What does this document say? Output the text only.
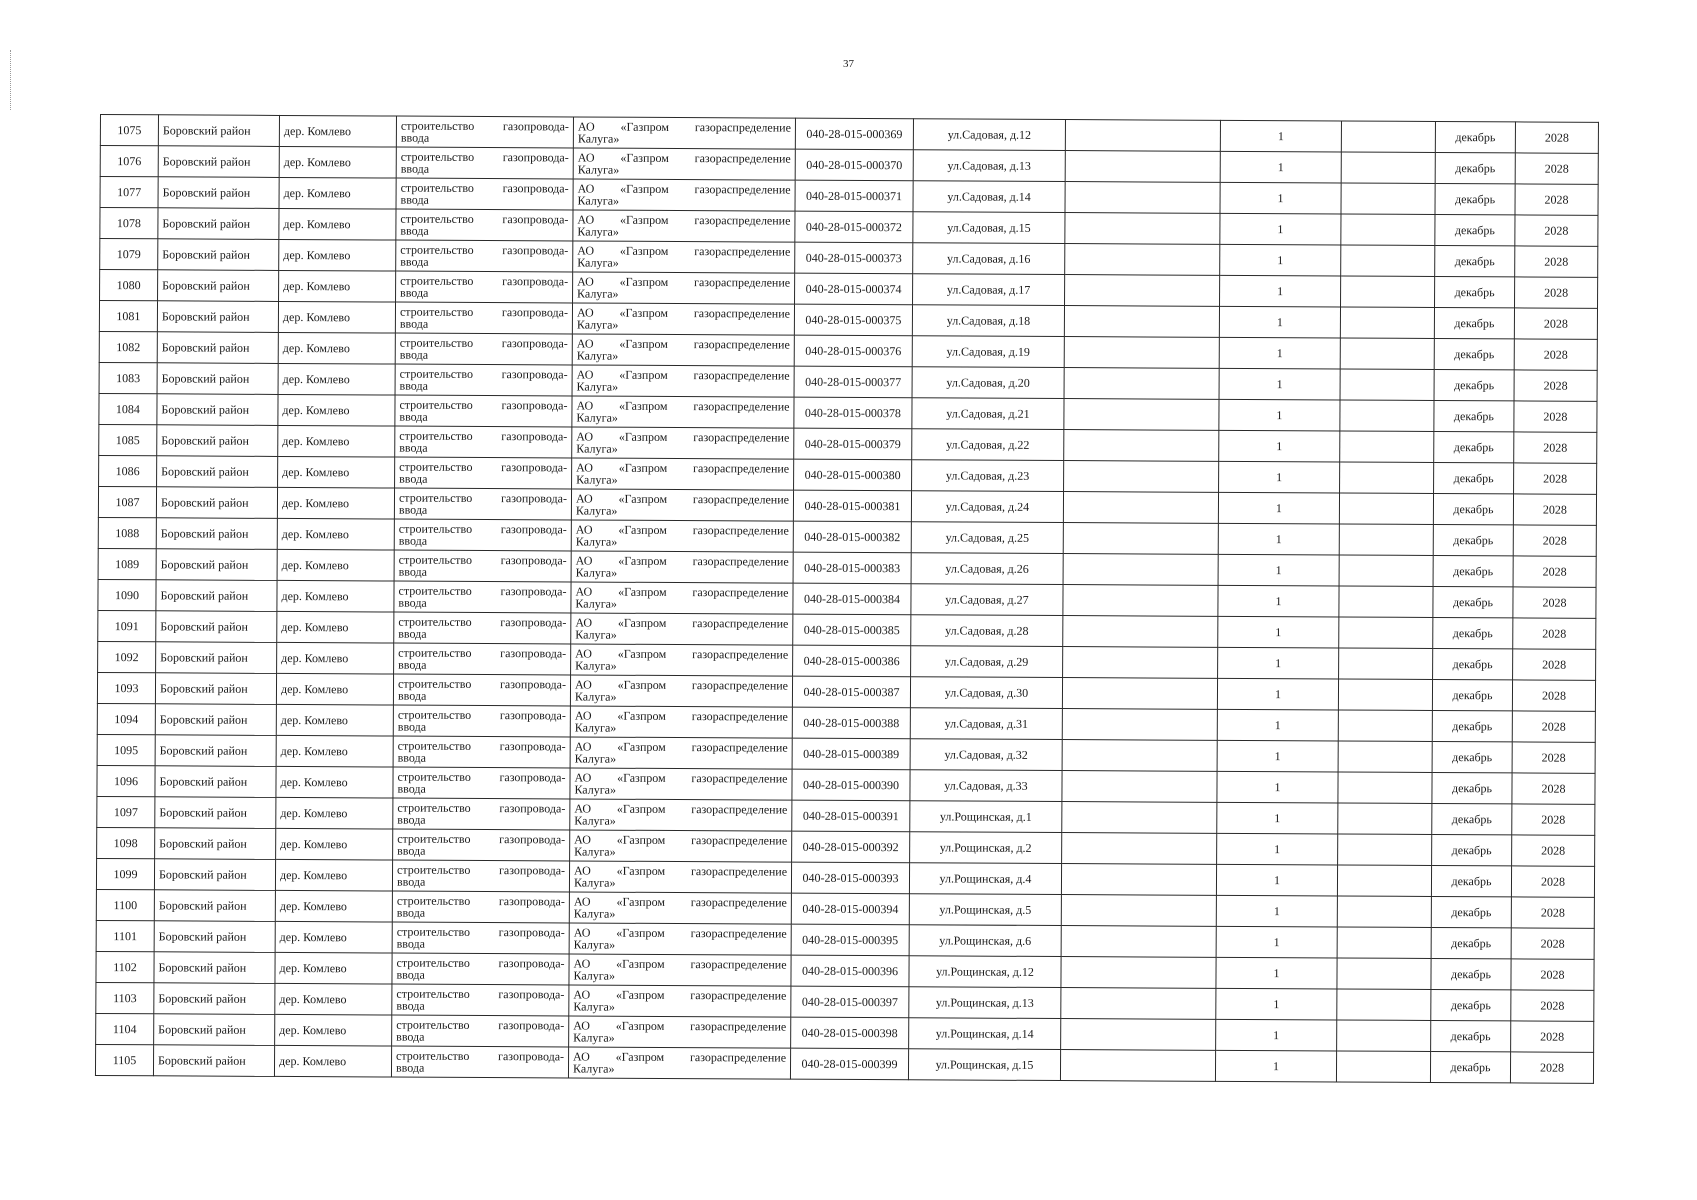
37
1075	Боровский район	дер. Комлево	строительство газопровода-
ввода	АО «Газпром газораспределение
Калуга»	040-28-015-000369	ул.Садовая, д.12		1		декабрь	2028
1076	Боровский район	дер. Комлево	строительство газопровода-
ввода	АО «Газпром газораспределение
Калуга»	040-28-015-000370	ул.Садовая, д.13		1		декабрь	2028
1077	Боровский район	дер. Комлево	строительство газопровода-
ввода	АО «Газпром газораспределение
Калуга»	040-28-015-000371	ул.Садовая, д.14		1		декабрь	2028
1078	Боровский район	дер. Комлево	строительство газопровода-
ввода	АО «Газпром газораспределение
Калуга»	040-28-015-000372	ул.Садовая, д.15		1		декабрь	2028
1079	Боровский район	дер. Комлево	строительство газопровода-
ввода	АО «Газпром газораспределение
Калуга»	040-28-015-000373	ул.Садовая, д.16		1		декабрь	2028
1080	Боровский район	дер. Комлево	строительство газопровода-
ввода	АО «Газпром газораспределение
Калуга»	040-28-015-000374	ул.Садовая, д.17		1		декабрь	2028
1081	Боровский район	дер. Комлево	строительство газопровода-
ввода	АО «Газпром газораспределение
Калуга»	040-28-015-000375	ул.Садовая, д.18		1		декабрь	2028
1082	Боровский район	дер. Комлево	строительство газопровода-
ввода	АО «Газпром газораспределение
Калуга»	040-28-015-000376	ул.Садовая, д.19		1		декабрь	2028
1083	Боровский район	дер. Комлево	строительство газопровода-
ввода	АО «Газпром газораспределение
Калуга»	040-28-015-000377	ул.Садовая, д.20		1		декабрь	2028
1084	Боровский район	дер. Комлево	строительство газопровода-
ввода	АО «Газпром газораспределение
Калуга»	040-28-015-000378	ул.Садовая, д.21		1		декабрь	2028
1085	Боровский район	дер. Комлево	строительство газопровода-
ввода	АО «Газпром газораспределение
Калуга»	040-28-015-000379	ул.Садовая, д.22		1		декабрь	2028
1086	Боровский район	дер. Комлево	строительство газопровода-
ввода	АО «Газпром газораспределение
Калуга»	040-28-015-000380	ул.Садовая, д.23		1		декабрь	2028
1087	Боровский район	дер. Комлево	строительство газопровода-
ввода	АО «Газпром газораспределение
Калуга»	040-28-015-000381	ул.Садовая, д.24		1		декабрь	2028
1088	Боровский район	дер. Комлево	строительство газопровода-
ввода	АО «Газпром газораспределение
Калуга»	040-28-015-000382	ул.Садовая, д.25		1		декабрь	2028
1089	Боровский район	дер. Комлево	строительство газопровода-
ввода	АО «Газпром газораспределение
Калуга»	040-28-015-000383	ул.Садовая, д.26		1		декабрь	2028
1090	Боровский район	дер. Комлево	строительство газопровода-
ввода	АО «Газпром газораспределение
Калуга»	040-28-015-000384	ул.Садовая, д.27		1		декабрь	2028
1091	Боровский район	дер. Комлево	строительство газопровода-
ввода	АО «Газпром газораспределение
Калуга»	040-28-015-000385	ул.Садовая, д.28		1		декабрь	2028
1092	Боровский район	дер. Комлево	строительство газопровода-
ввода	АО «Газпром газораспределение
Калуга»	040-28-015-000386	ул.Садовая, д.29		1		декабрь	2028
1093	Боровский район	дер. Комлево	строительство газопровода-
ввода	АО «Газпром газораспределение
Калуга»	040-28-015-000387	ул.Садовая, д.30		1		декабрь	2028
1094	Боровский район	дер. Комлево	строительство газопровода-
ввода	АО «Газпром газораспределение
Калуга»	040-28-015-000388	ул.Садовая, д.31		1		декабрь	2028
1095	Боровский район	дер. Комлево	строительство газопровода-
ввода	АО «Газпром газораспределение
Калуга»	040-28-015-000389	ул.Садовая, д.32		1		декабрь	2028
1096	Боровский район	дер. Комлево	строительство газопровода-
ввода	АО «Газпром газораспределение
Калуга»	040-28-015-000390	ул.Садовая, д.33		1		декабрь	2028
1097	Боровский район	дер. Комлево	строительство газопровода-
ввода	АО «Газпром газораспределение
Калуга»	040-28-015-000391	ул.Рощинская, д.1		1		декабрь	2028
1098	Боровский район	дер. Комлево	строительство газопровода-
ввода	АО «Газпром газораспределение
Калуга»	040-28-015-000392	ул.Рощинская, д.2		1		декабрь	2028
1099	Боровский район	дер. Комлево	строительство газопровода-
ввода	АО «Газпром газораспределение
Калуга»	040-28-015-000393	ул.Рощинская, д.4		1		декабрь	2028
1100	Боровский район	дер. Комлево	строительство газопровода-
ввода	АО «Газпром газораспределение
Калуга»	040-28-015-000394	ул.Рощинская, д.5		1		декабрь	2028
1101	Боровский район	дер. Комлево	строительство газопровода-
ввода	АО «Газпром газораспределение
Калуга»	040-28-015-000395	ул.Рощинская, д.6		1		декабрь	2028
1102	Боровский район	дер. Комлево	строительство газопровода-
ввода	АО «Газпром газораспределение
Калуга»	040-28-015-000396	ул.Рощинская, д.12		1		декабрь	2028
1103	Боровский район	дер. Комлево	строительство газопровода-
ввода	АО «Газпром газораспределение
Калуга»	040-28-015-000397	ул.Рощинская, д.13		1		декабрь	2028
1104	Боровский район	дер. Комлево	строительство газопровода-
ввода	АО «Газпром газораспределение
Калуга»	040-28-015-000398	ул.Рощинская, д.14		1		декабрь	2028
1105	Боровский район	дер. Комлево	строительство газопровода-
ввода	АО «Газпром газораспределение
Калуга»	040-28-015-000399	ул.Рощинская, д.15		1		декабрь	2028
